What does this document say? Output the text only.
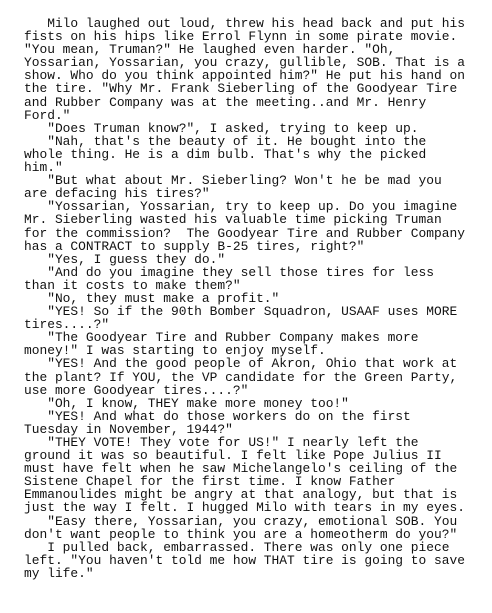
Milo laughed out loud, threw his head back and put his
fists on his hips like Errol Flynn in some pirate movie.
"You mean, Truman?" He laughed even harder. "Oh,
Yossarian, Yossarian, you crazy, gullible, SOB. That is a
show. Who do you think appointed him?" He put his hand on
the tire. "Why Mr. Frank Sieberling of the Goodyear Tire
and Rubber Company was at the meeting..and Mr. Henry
Ford."
"Does Truman know?", I asked, trying to keep up.
"Nah, that's the beauty of it. He bought into the
whole thing. He is a dim bulb. That's why the picked
him."
"But what about Mr. Sieberling? Won't he be mad you
are defacing his tires?"
"Yossarian, Yossarian, try to keep up. Do you imagine
Mr. Sieberling wasted his valuable time picking Truman
for the commission?  The Goodyear Tire and Rubber Company
has a CONTRACT to supply B-25 tires, right?"
"Yes, I guess they do."
"And do you imagine they sell those tires for less
than it costs to make them?"
"No, they must make a profit."
"YES! So if the 90th Bomber Squadron, USAAF uses MORE
tires....?"
"The Goodyear Tire and Rubber Company makes more
money!" I was starting to enjoy myself.
"YES! And the good people of Akron, Ohio that work at
the plant? If YOU, the VP candidate for the Green Party,
use more Goodyear tires....?"
"Oh, I know, THEY make more money too!"
"YES! And what do those workers do on the first
Tuesday in November, 1944?"
"THEY VOTE! They vote for US!" I nearly left the
ground it was so beautiful. I felt like Pope Julius II
must have felt when he saw Michelangelo's ceiling of the
Sistene Chapel for the first time. I know Father
Emmanoulides might be angry at that analogy, but that is
just the way I felt. I hugged Milo with tears in my eyes.
"Easy there, Yossarian, you crazy, emotional SOB. You
don't want people to think you are a homeotherm do you?"
I pulled back, embarrassed. There was only one piece
left. "You haven't told me how THAT tire is going to save
my life."
